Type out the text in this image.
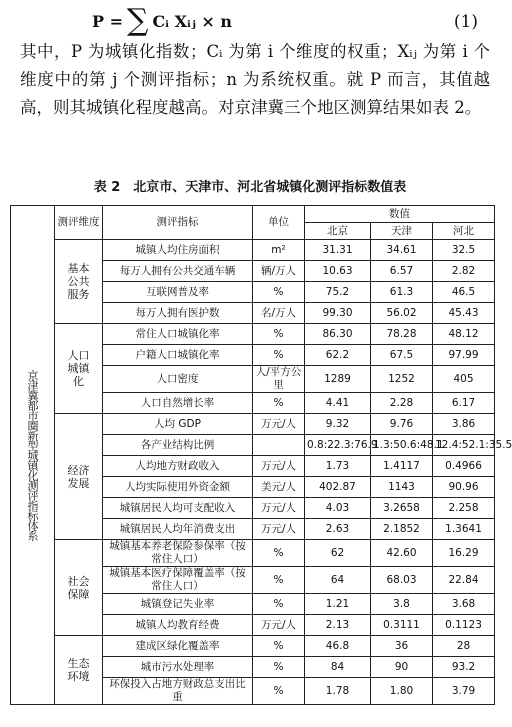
P = ∑ Cᵢ Xᵢⱼ × n	(1)
其中，P 为城镇化指数；Cᵢ 为第 i 个维度的权重；Xᵢⱼ 为第 i 个维度中的第 j 个测评指标；n 为系统权重。就 P 而言，其值越高，则其城镇化程度越高。对京津冀三个地区测算结果如表 2。
表 2　北京市、天津市、河北省城镇化测评指标数值表
京津冀都市圈新型城镇化测评指标体系	测评维度	测评指标	单位	数值		
				北京	天津	河北
	基本公共服务	城镇人均住房面积	m²	31.31	34.61	32.5
		每万人拥有公共交通车辆	辆/万人	10.63	6.57	2.82
		互联网普及率	%	75.2	61.3	46.5
		每万人拥有医护数	名/万人	99.30	56.02	45.43
	人口城镇化	常住人口城镇化率	%	86.30	78.28	48.12
		户籍人口城镇化率	%	62.2	67.5	97.99
		人口密度	人/平方公里	1289	1252	405
		人口自然增长率	%	4.41	2.28	6.17
	经济发展	人均 GDP	万元/人	9.32	9.76	3.86
		各产业结构比例		0.8:22.3:76.9	1.3:50.6:48.1	12.4:52.1:35.5
		人均地方财政收入	万元/人	1.73	1.4117	0.4966
		人均实际使用外资金额	美元/人	402.87	1143	90.96
		城镇居民人均可支配收入	万元/人	4.03	3.2658	2.258
		城镇居民人均年消费支出	万元/人	2.63	2.1852	1.3641
	社会保障	城镇基本养老保险参保率（按常住人口）	%	62	42.60	16.29
		城镇基本医疗保障覆盖率（按常住人口）	%	64	68.03	22.84
		城镇登记失业率	%	1.21	3.8	3.68
		城镇人均教育经费	万元/人	2.13	0.3111	0.1123
	生态环境	建成区绿化覆盖率	%	46.8	36	28
		城市污水处理率	%	84	90	93.2
		环保投入占地方财政总支出比重	%	1.78	1.80	3.79
